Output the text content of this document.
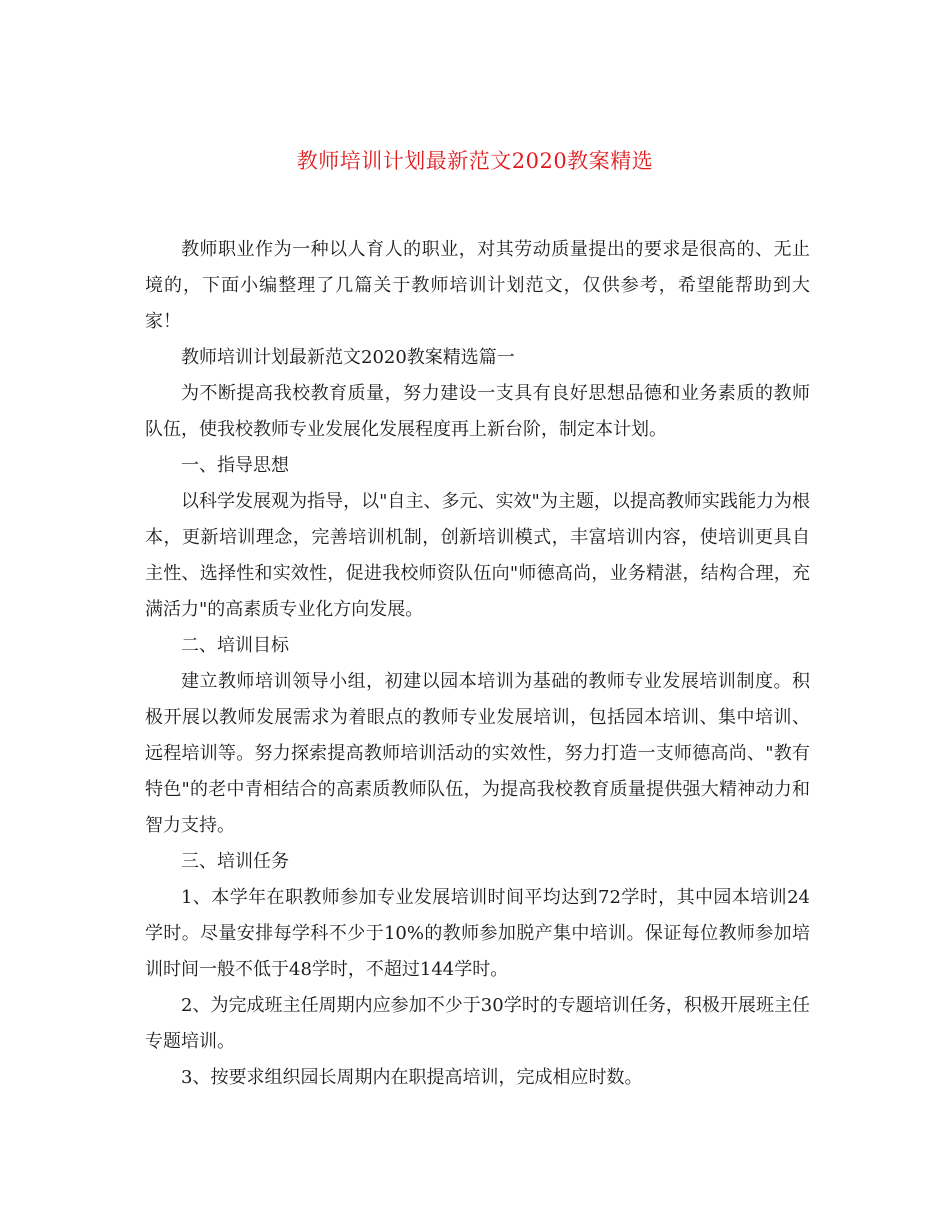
教师培训计划最新范文2020教案精选

教师职业作为一种以人育人的职业，对其劳动质量提出的要求是很高的、无止境的，下面小编整理了几篇关于教师培训计划范文，仅供参考，希望能帮助到大家！

教师培训计划最新范文2020教案精选篇一

为不断提高我校教育质量，努力建设一支具有良好思想品德和业务素质的教师队伍，使我校教师专业发展化发展程度再上新台阶，制定本计划。

一、指导思想

以科学发展观为指导，以"自主、多元、实效"为主题，以提高教师实践能力为根本，更新培训理念，完善培训机制，创新培训模式，丰富培训内容，使培训更具自主性、选择性和实效性，促进我校师资队伍向"师德高尚，业务精湛，结构合理，充满活力"的高素质专业化方向发展。

二、培训目标

建立教师培训领导小组，初建以园本培训为基础的教师专业发展培训制度。积极开展以教师发展需求为着眼点的教师专业发展培训，包括园本培训、集中培训、远程培训等。努力探索提高教师培训活动的实效性，努力打造一支师德高尚、"教有特色"的老中青相结合的高素质教师队伍，为提高我校教育质量提供强大精神动力和智力支持。

三、培训任务

1、本学年在职教师参加专业发展培训时间平均达到72学时，其中园本培训24学时。尽量安排每学科不少于10%的教师参加脱产集中培训。保证每位教师参加培训时间一般不低于48学时，不超过144学时。

2、为完成班主任周期内应参加不少于30学时的专题培训任务，积极开展班主任专题培训。

3、按要求组织园长周期内在职提高培训，完成相应时数。
